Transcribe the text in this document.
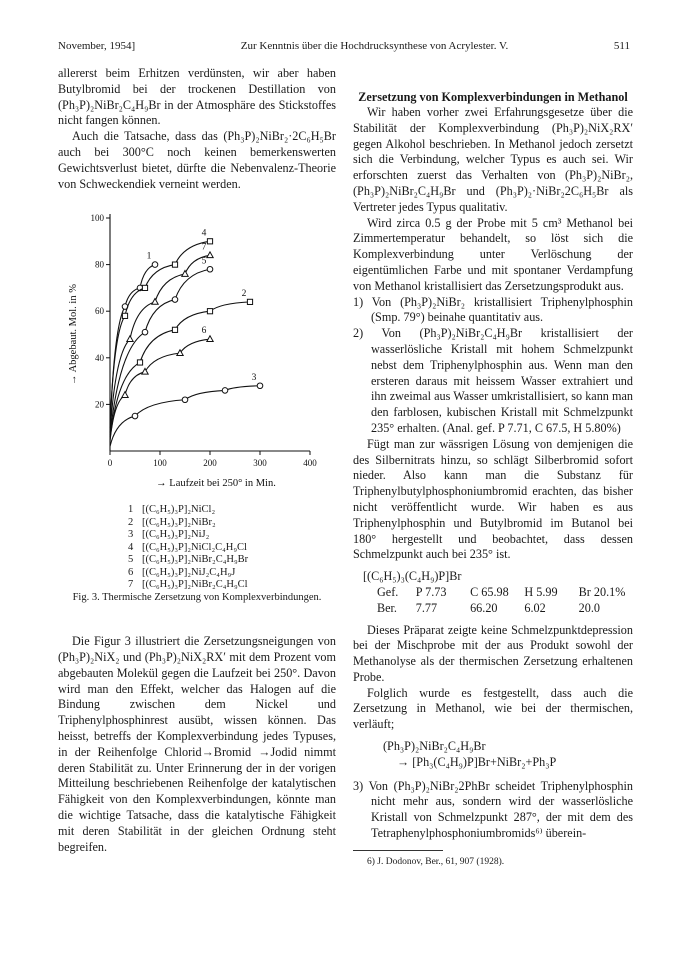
November, 1954]	Zur Kenntnis über die Hochdrucksynthese von Acrylester. V.	511

allererst beim Erhitzen verdünsten, wir aber haben Butylbromid bei der trockenen Destillation von (Ph₃P)₂NiBr₂C₄H₉Br in der Atmosphäre des Stickstoffes nicht fangen können.

Auch die Tatsache, dass das (Ph₃P)₂NiBr₂·2C₆H₅Br auch bei 300°C noch keinen bemerkenswerten Gewichtsverlust bietet, dürfte die Nebenvalenz-Theorie von Schweckendiek verneint werden.

20
40
60
80
100
0	100	200	300	400
→ Abgebaut. Mol. in %
→ Laufzeit bei 250° in Min.
1
4
7
5
2
6
3
1 [(C₆H₅)₃P]₂NiCl₂
2 [(C₆H₅)₃P]₂NiBr₂
3 [(C₆H₅)₃P]₂NiJ₂
4 [(C₆H₅)₃P]₂NiCl₂C₄H₉Cl
5 [(C₆H₅)₃P]₂NiBr₂C₄H₉Br
6 [(C₆H₅)₃P]₂NiJ₂C₄H₉J
7 [(C₆H₅)₃P]₂NiBr₂C₄H₉Cl

Fig. 3. Thermische Zersetzung von Komplexverbindungen.

Die Figur 3 illustriert die Zersetzungsneigungen von (Ph₃P)₂NiX₂ und (Ph₃P)₂NiX₂RX′ mit dem Prozent vom abgebauten Molekül gegen die Laufzeit bei 250°. Davon wird man den Effekt, welcher das Halogen auf die Bindung zwischen dem Nickel und Triphenylphosphinrest ausübt, wissen können. Das heisst, betreffs der Komplexverbindung jedes Typuses, in der Reihenfolge Chlorid→Bromid →Jodid nimmt deren Stabilität zu. Unter Erinnerung der in der vorigen Mitteilung beschriebenen Reihenfolge der katalytischen Fähigkeit von den Komplexverbindungen, könnte man die wichtige Tatsache, dass die katalytische Fähigkeit mit deren Stabilität in der gleichen Ordnung steht begreifen.

Zersetzung von Komplexverbindungen in Methanol

Wir haben vorher zwei Erfahrungsgesetze über die Stabilität der Komplexverbindung (Ph₃P)₂NiX₂RX′ gegen Alkohol beschrieben. In Methanol jedoch zersetzt sich die Verbindung, welcher Typus es auch sei. Wir erforschten zuerst das Verhalten von (Ph₃P)₂NiBr₂, (Ph₃P)₂NiBr₂C₄H₉Br und (Ph₃P)₂·NiBr₂2C₆H₅Br als Vertreter jedes Typus qualitativ.

Wird zirca 0.5 g der Probe mit 5 cm³ Methanol bei Zimmertemperatur behandelt, so löst sich die Komplexverbindung unter Verlöschung der eigentümlichen Farbe und mit spontaner Verdampfung von Methanol kristallisiert das Zersetzungsprodukt aus.

1) Von (Ph₃P)₂NiBr₂ kristallisiert Triphenylphosphin (Smp. 79°) beinahe quantitativ aus.

2) Von (Ph₃P)₂NiBr₂C₄H₉Br kristallisiert der wasserlösliche Kristall mit hohem Schmelzpunkt nebst dem Triphenylphosphin aus. Wenn man den ersteren daraus mit heissem Wasser extrahiert und ihn zweimal aus Wasser umkristallisiert, so kann man den farblosen, kubischen Kristall mit Schmelzpunkt 235° erhalten. (Anal. gef. P 7.71, C 67.5, H 5.80%)

Fügt man zur wässrigen Lösung von demjenigen die des Silbernitrats hinzu, so schlägt Silberbromid sofort nieder. Also kann man die Substanz für Triphenylbutylphosphoniumbromid erachten, das bisher nicht veröffentlicht wurde. Wir haben es aus Triphenylphosphin und Butylbromid im Butanol bei 180° hergestellt und beobachtet, dass dessen Schmelzpunkt auch bei 235° ist.

[(C₆H₅)₃(C₄H₉)P]Br
Gef.	P 7.73	C 65.98	H 5.99	Br 20.1%
Ber.	7.77	66.20	6.02	20.0

Dieses Präparat zeigte keine Schmelzpunktdepression bei der Mischprobe mit der aus Produkt sowohl der Methanolyse als der thermischen Zersetzung erhaltenen Probe.

Folglich wurde es festgestellt, dass auch die Zersetzung in Methanol, wie bei der thermischen, verläuft;

(Ph₃P)₂NiBr₂C₄H₉Br
→ [Ph₃(C₄H₉)P]Br+NiBr₂+Ph₃P

3) Von (Ph₃P)₂NiBr₂2PhBr scheidet Triphenylphosphin nicht mehr aus, sondern wird der wasserlösliche Kristall von Schmelzpunkt 287°, der mit dem des Tetraphenylphosphoniumbromids⁶⁾ überein-

6) J. Dodonov, Ber., 61, 907 (1928).
